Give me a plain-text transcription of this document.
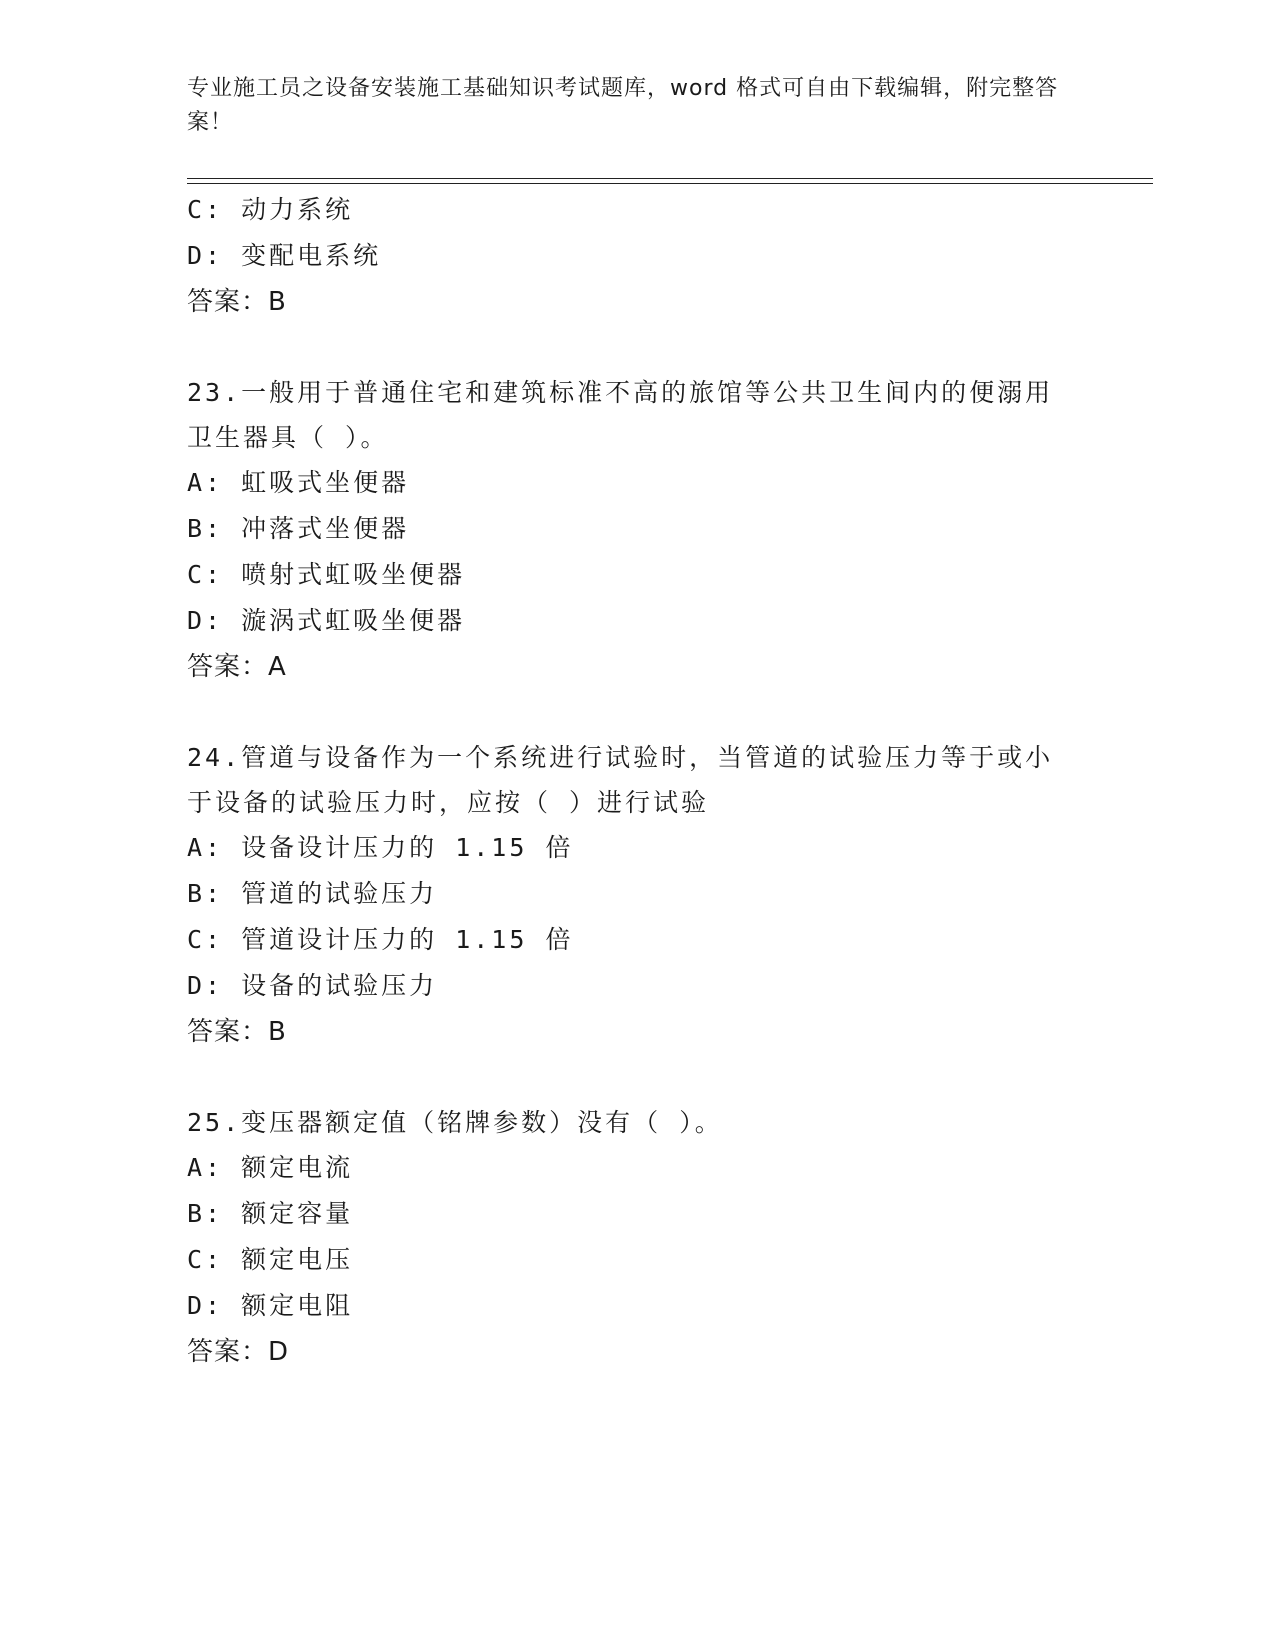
专业施工员之设备安装施工基础知识考试题库，word 格式可自由下载编辑，附完整答案！
C: 动力系统
D: 变配电系统
答案：B
23.一般用于普通住宅和建筑标准不高的旅馆等公共卫生间内的便溺用卫生器具（ ）。
A: 虹吸式坐便器
B: 冲落式坐便器
C: 喷射式虹吸坐便器
D: 漩涡式虹吸坐便器
答案：A
24.管道与设备作为一个系统进行试验时，当管道的试验压力等于或小于设备的试验压力时，应按（ ）进行试验
A: 设备设计压力的 1.15 倍
B: 管道的试验压力
C: 管道设计压力的 1.15 倍
D: 设备的试验压力
答案：B
25.变压器额定值（铭牌参数）没有（ ）。
A: 额定电流
B: 额定容量
C: 额定电压
D: 额定电阻
答案：D
